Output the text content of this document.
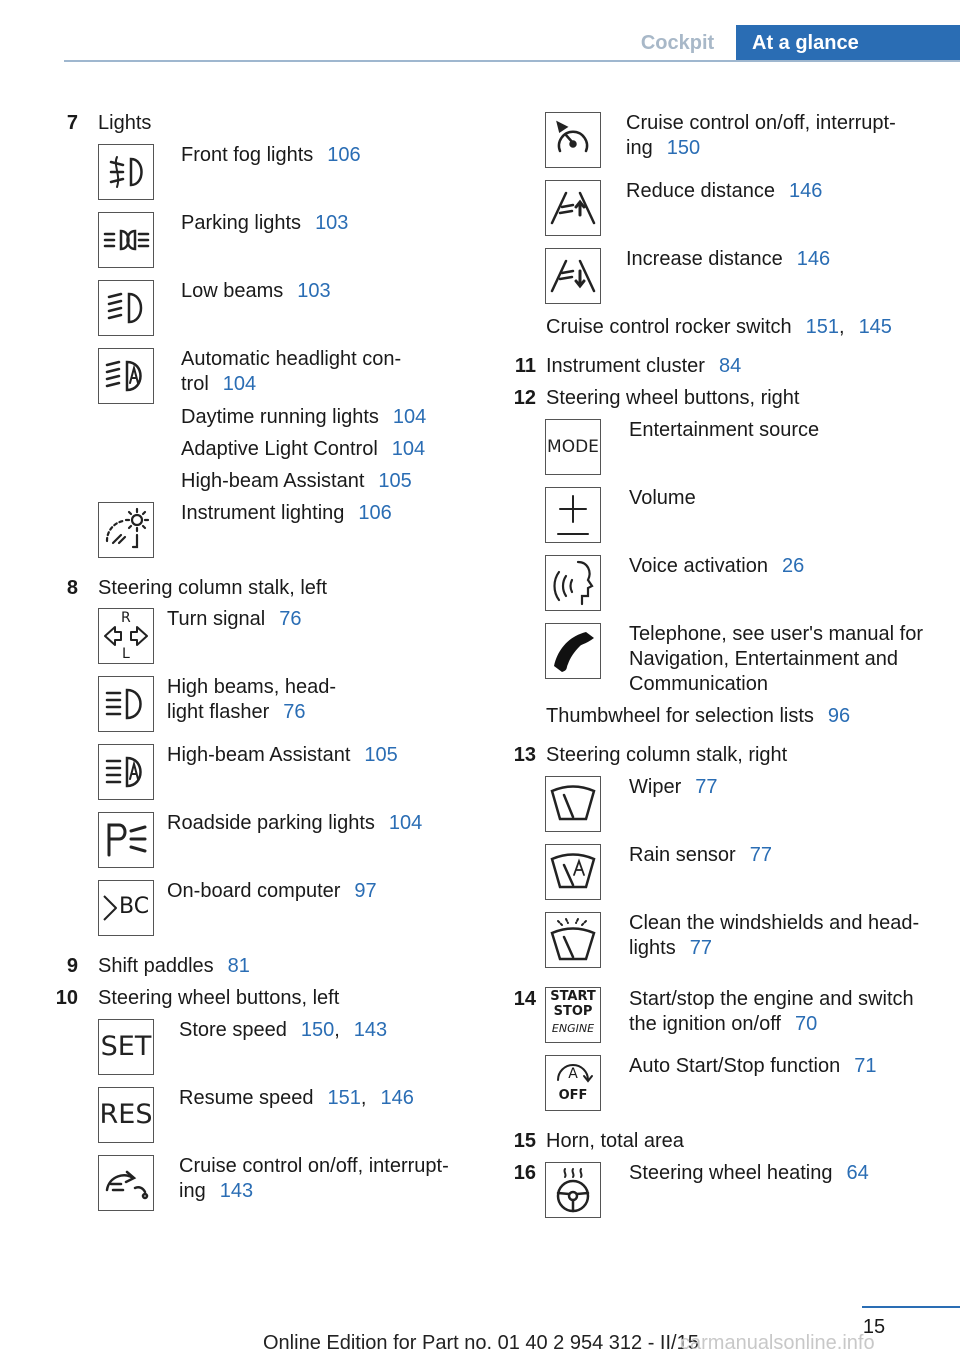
Cockpit	At a glance
7 Lights
Front fog lights 106
Parking lights 103
Low beams 103
Automatic headlight con-
trol 104
Daytime running lights 104
Adaptive Light Control 104
High-beam Assistant 105
Instrument lighting 106
8 Steering column stalk, left
R
L
Turn signal 76
High beams, head-
light flasher 76
High-beam Assistant 105
Roadside parking lights 104
BC
On-board computer 97
9 Shift paddles 81
10 Steering wheel buttons, left
SET
Store speed 150, 143
RES
Resume speed 151, 146
Cruise control on/off, interrupt-
ing 143
Cruise control on/off, interrupt-
ing 150
Reduce distance 146
Increase distance 146
Cruise control rocker switch 151, 145
11 Instrument cluster 84
12 Steering wheel buttons, right
MODE
Entertainment source
Volume
Voice activation 26
Telephone, see user's manual for
Navigation, Entertainment and
Communication
Thumbwheel for selection lists 96
13 Steering column stalk, right
Wiper 77
Rain sensor 77
Clean the windshields and head-
lights 77
14	START
STOP
ENGINE
Start/stop the engine and switch
the ignition on/off 70
A
OFF
Auto Start/Stop function 71
15 Horn, total area
16	Steering wheel heating 64
15
Online Edition for Part no. 01 40 2 954 312 - II/15
carmanualsonline.info
